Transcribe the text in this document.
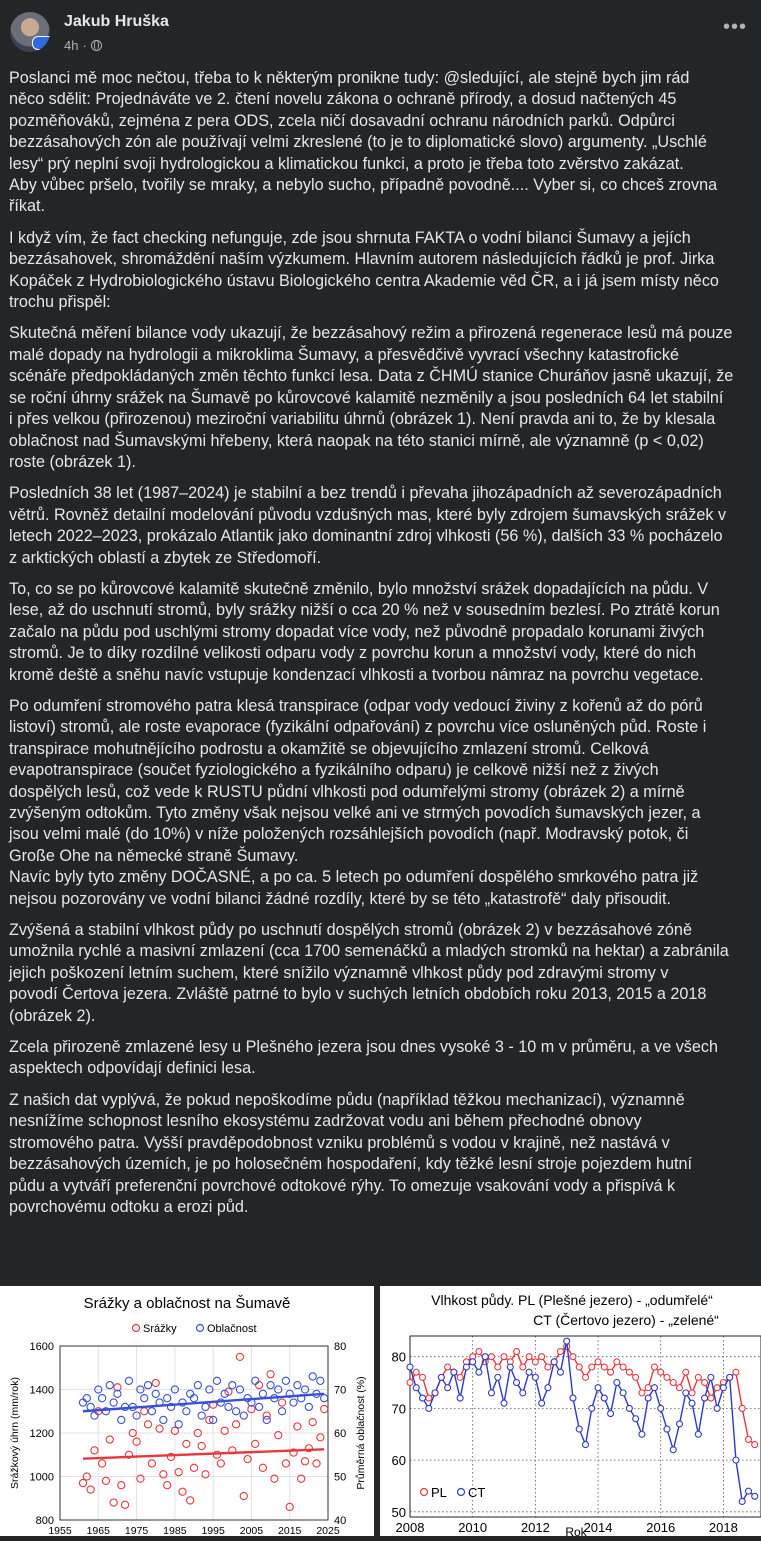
Jakub Hruška
4h ·
•••

Poslanci mě moc nečtou, třeba to k některým pronikne tudy: @sledující, ale stejně bych jim rád
něco sdělit: Projednáváte ve 2. čtení novelu zákona o ochraně přírody, a dosud načtených 45
pozměňováků, zejména z pera ODS, zcela ničí dosavadní ochranu národních parků. Odpůrci
bezzásahových zón ale používají velmi zkreslené (to je to diplomatické slovo) argumenty. „Uschlé
lesy“ prý neplní svoji hydrologickou a klimatickou funkci, a proto je třeba toto zvěrstvo zakázat.
Aby vůbec pršelo, tvořily se mraky, a nebylo sucho, případně povodně.... Vyber si, co chceš zrovna
říkat.

I když vím, že fact checking nefunguje, zde jsou shrnuta FAKTA o vodní bilanci Šumavy a jejích
bezzásahovek, shromáždění naším výzkumem. Hlavním autorem následujících řádků je prof. Jirka
Kopáček z Hydrobiologického ústavu Biologického centra Akademie věd ČR, a i já jsem místy něco
trochu přispěl:

Skutečná měření bilance vody ukazují, že bezzásahový režim a přirozená regenerace lesů má pouze
malé dopady na hydrologii a mikroklima Šumavy, a přesvědčivě vyvrací všechny katastrofické
scénáře předpokládaných změn těchto funkcí lesa. Data z ČHMÚ stanice Churáňov jasně ukazují, že
se roční úhrny srážek na Šumavě po kůrovcové kalamitě nezměnily a jsou posledních 64 let stabilní
i přes velkou (přirozenou) meziroční variabilitu úhrnů (obrázek 1). Není pravda ani to, že by klesala
oblačnost nad Šumavskými hřebeny, která naopak na této stanici mírně, ale významně (p < 0,02)
roste (obrázek 1).

Posledních 38 let (1987–2024) je stabilní a bez trendů i převaha jihozápadních až severozápadních
větrů. Rovněž detailní modelování původu vzdušných mas, které byly zdrojem šumavských srážek v
letech 2022–2023, prokázalo Atlantik jako dominantní zdroj vlhkosti (56 %), dalších 33 % pocházelo
z arktických oblastí a zbytek ze Středomoří.

To, co se po kůrovcové kalamitě skutečně změnilo, bylo množství srážek dopadajících na půdu. V
lese, až do uschnutí stromů, byly srážky nižší o cca 20 % než v sousedním bezlesí. Po ztrátě korun
začalo na půdu pod uschlými stromy dopadat více vody, než původně propadalo korunami živých
stromů. Je to díky rozdílné velikosti odparu vody z povrchu korun a množství vody, které do nich
kromě deště a sněhu navíc vstupuje kondenzací vlhkosti a tvorbou námraz na povrchu vegetace.

Po odumření stromového patra klesá transpirace (odpar vody vedoucí živiny z kořenů až do pórů
listoví) stromů, ale roste evaporace (fyzikální odpařování) z povrchu více osluněných půd. Roste i
transpirace mohutnějícího podrostu a okamžitě se objevujícího zmlazení stromů. Celková
evapotranspirace (součet fyziologického a fyzikálního odparu) je celkově nižší než z živých
dospělých lesů, což vede k RUSTU půdní vlhkosti pod odumřelými stromy (obrázek 2) a mírně
zvýšeným odtokům. Tyto změny však nejsou velké ani ve strmých povodích šumavských jezer, a
jsou velmi malé (do 10%) v níže položených rozsáhlejších povodích (např. Modravský potok, či
Große Ohe na německé straně Šumavy.
Navíc byly tyto změny DOČASNÉ, a po ca. 5 letech po odumření dospělého smrkového patra již
nejsou pozorovány ve vodní bilanci žádné rozdíly, které by se této „katastrofě“ daly přisoudit.

Zvýšená a stabilní vlhkost půdy po uschnutí dospělých stromů (obrázek 2) v bezzásahové zóně
umožnila rychlé a masivní zmlazení (cca 1700 semenáčků a mladých stromků na hektar) a zabránila
jejich poškození letním suchem, které snížilo významně vlhkost půdy pod zdravými stromy v
povodí Čertova jezera. Zvláště patrné to bylo v suchých letních obdobích roku 2013, 2015 a 2018
(obrázek 2).

Zcela přirozeně zmlazené lesy u Plešného jezera jsou dnes vysoké 3 - 10 m v průměru, a ve všech
aspektech odpovídají definici lesa.

Z našich dat vyplývá, že pokud nepoškodíme půdu (například těžkou mechanizací), významně
nesnížíme schopnost lesního ekosystému zadržovat vodu ani během přechodné obnovy
stromového patra. Vyšší pravděpodobnost vzniku problémů s vodou v krajině, než nastává v
bezzásahových územích, je po holosečném hospodaření, kdy těžké lesní stroje pojezdem hutní
půdu a vytváří preferenční povrchové odtokové rýhy. To omezuje vsakování vody a přispívá k
povrchovému odtoku a erozi půd.

Srážky a oblačnost na Šumavě
Srážky	Oblačnost
800
1000
1200
1400
1600
1955 1965 1975 1985 1995 2005 2015 2025
40
50
60
70
80
Srážkový úhrn (mm/rok)	Průměrná oblačnost (%)
Vlhkost půdy. PL (Plešné jezero) - „odumřelé“
CT (Čertovo jezero) - „zelené“
50
60
70
80
2008	2010	2012	2014	2016	2018
Rok
PL CT
